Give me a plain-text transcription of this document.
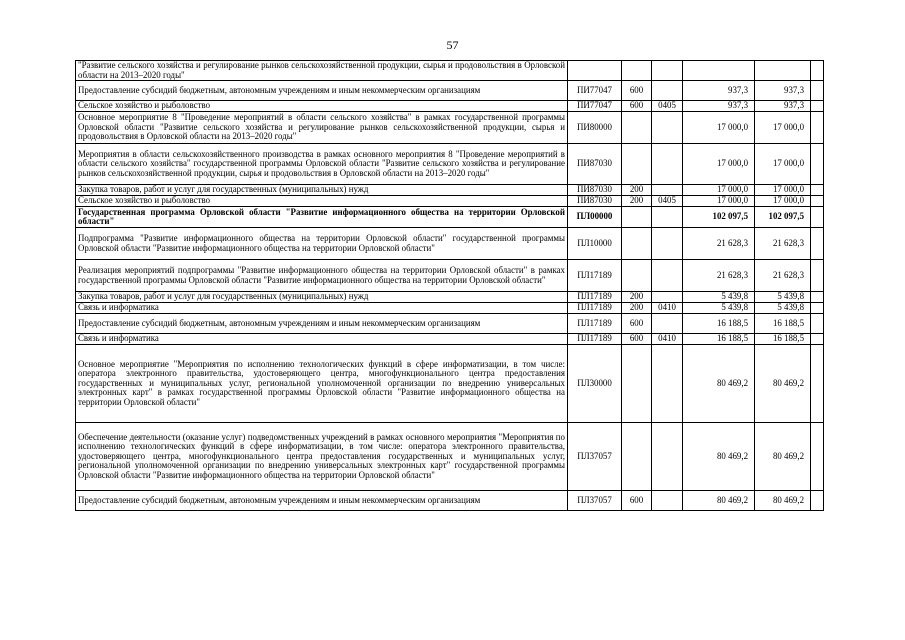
57
"Развитие сельского хозяйства и регулирование рынков сельскохозяйственной продукции, сырья и продовольствия в Орловской области на 2013–2020 годы"						
Предоставление субсидий бюджетным, автономным учреждениям и иным некоммерческим организациям	ПИ77047	600		937,3	937,3	
Сельское хозяйство и рыболовство	ПИ77047	600	0405	937,3	937,3	
Основное мероприятие 8 "Проведение мероприятий в области сельского хозяйства" в рамках государственной программы Орловской области "Развитие сельского хозяйства и регулирование рынков сельскохозяйственной продукции, сырья и продовольствия в Орловской области на 2013–2020 годы"	ПИ80000			17 000,0	17 000,0	
Мероприятия в области сельскохозяйственного производства в рамках основного мероприятия 8 "Проведение мероприятий в области сельского хозяйства" государственной программы Орловской области "Развитие сельского хозяйства и регулирование рынков сельскохозяйственной продукции, сырья и продовольствия в Орловской области на 2013–2020 годы"	ПИ87030			17 000,0	17 000,0	
Закупка товаров, работ и услуг для государственных (муниципальных) нужд	ПИ87030	200		17 000,0	17 000,0	
Сельское хозяйство и рыболовство	ПИ87030	200	0405	17 000,0	17 000,0	
Государственная программа Орловской области "Развитие информационного общества на территории Орловской области"	ПЛ00000			102 097,5	102 097,5	
Подпрограмма "Развитие информационного общества на территории Орловской области" государственной программы Орловской области "Развитие информационного общества на территории Орловской области"	ПЛ10000			21 628,3	21 628,3	
Реализация мероприятий подпрограммы "Развитие информационного общества на территории Орловской области" в рамках государственной программы Орловской области "Развитие информационного общества на территории Орловской области"	ПЛ17189			21 628,3	21 628,3	
Закупка товаров, работ и услуг для государственных (муниципальных) нужд	ПЛ17189	200		5 439,8	5 439,8	
Связь и информатика	ПЛ17189	200	0410	5 439,8	5 439,8	
Предоставление субсидий бюджетным, автономным учреждениям и иным некоммерческим организациям	ПЛ17189	600		16 188,5	16 188,5	
Связь и информатика	ПЛ17189	600	0410	16 188,5	16 188,5	
Основное мероприятие "Мероприятия по исполнению технологических функций в сфере информатизации, в том числе: оператора электронного правительства, удостоверяющего центра, многофункционального центра предоставления государственных и муниципальных услуг, региональной уполномоченной организации по внедрению универсальных электронных карт" в рамках государственной программы Орловской области "Развитие информационного общества на территории Орловской области"	ПЛ30000			80 469,2	80 469,2	
Обеспечение деятельности (оказание услуг) подведомственных учреждений в рамках основного мероприятия "Мероприятия по исполнению технологических функций в сфере информатизации, в том числе: оператора электронного правительства, удостоверяющего центра, многофункционального центра предоставления государственных и муниципальных услуг, региональной уполномоченной организации по внедрению универсальных электронных карт" государственной программы Орловской области "Развитие информационного общества на территории Орловской области"	ПЛ37057			80 469,2	80 469,2	
Предоставление субсидий бюджетным, автономным учреждениям и иным некоммерческим организациям	ПЛ37057	600		80 469,2	80 469,2	
